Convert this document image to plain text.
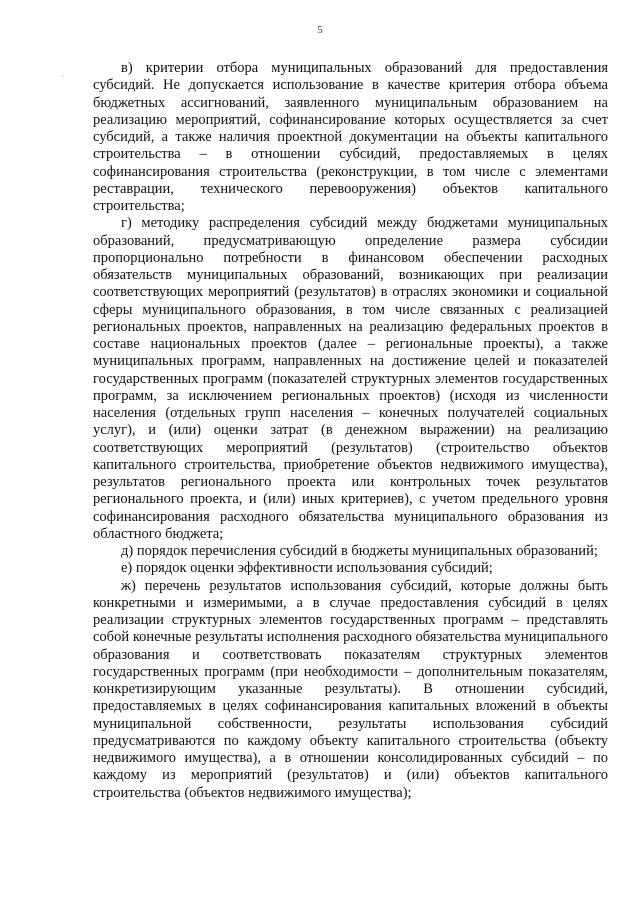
5

в) критерии отбора муниципальных образований для предоставления субсидий. Не допускается использование в качестве критерия отбора объема бюджетных ассигнований, заявленного муниципальным образованием на реализацию мероприятий, софинансирование которых осуществляется за счет субсидий, а также наличия проектной документации на объекты капитального строительства – в отношении субсидий, предоставляемых в целях софинансирования строительства (реконструкции, в том числе с элементами реставрации, технического перевооружения) объектов капитального строительства;

г) методику распределения субсидий между бюджетами муниципальных образований, предусматривающую определение размера субсидии пропорционально потребности в финансовом обеспечении расходных обязательств муниципальных образований, возникающих при реализации соответствующих мероприятий (результатов) в отраслях экономики и социальной сферы муниципального образования, в том числе связанных с реализацией региональных проектов, направленных на реализацию федеральных проектов в составе национальных проектов (далее – региональные проекты), а также муниципальных программ, направленных на достижение целей и показателей государственных программ (показателей структурных элементов государственных программ, за исключением региональных проектов) (исходя из численности населения (отдельных групп населения – конечных получателей социальных услуг), и (или) оценки затрат (в денежном выражении) на реализацию соответствующих мероприятий (результатов) (строительство объектов капитального строительства, приобретение объектов недвижимого имущества), результатов регионального проекта или контрольных точек результатов регионального проекта, и (или) иных критериев), с учетом предельного уровня софинансирования расходного обязательства муниципального образования из областного бюджета;

д) порядок перечисления субсидий в бюджеты муниципальных образований;

е) порядок оценки эффективности использования субсидий;

ж) перечень результатов использования субсидий, которые должны быть конкретными и измеримыми, а в случае предоставления субсидий в целях реализации структурных элементов государственных программ – представлять собой конечные результаты исполнения расходного обязательства муниципального образования и соответствовать показателям структурных элементов государственных программ (при необходимости – дополнительным показателям, конкретизирующим указанные результаты). В отношении субсидий, предоставляемых в целях софинансирования капитальных вложений в объекты муниципальной собственности, результаты использования субсидий предусматриваются по каждому объекту капитального строительства (объекту недвижимого имущества), а в отношении консолидированных субсидий – по каждому из мероприятий (результатов) и (или) объектов капитального строительства (объектов недвижимого имущества);
